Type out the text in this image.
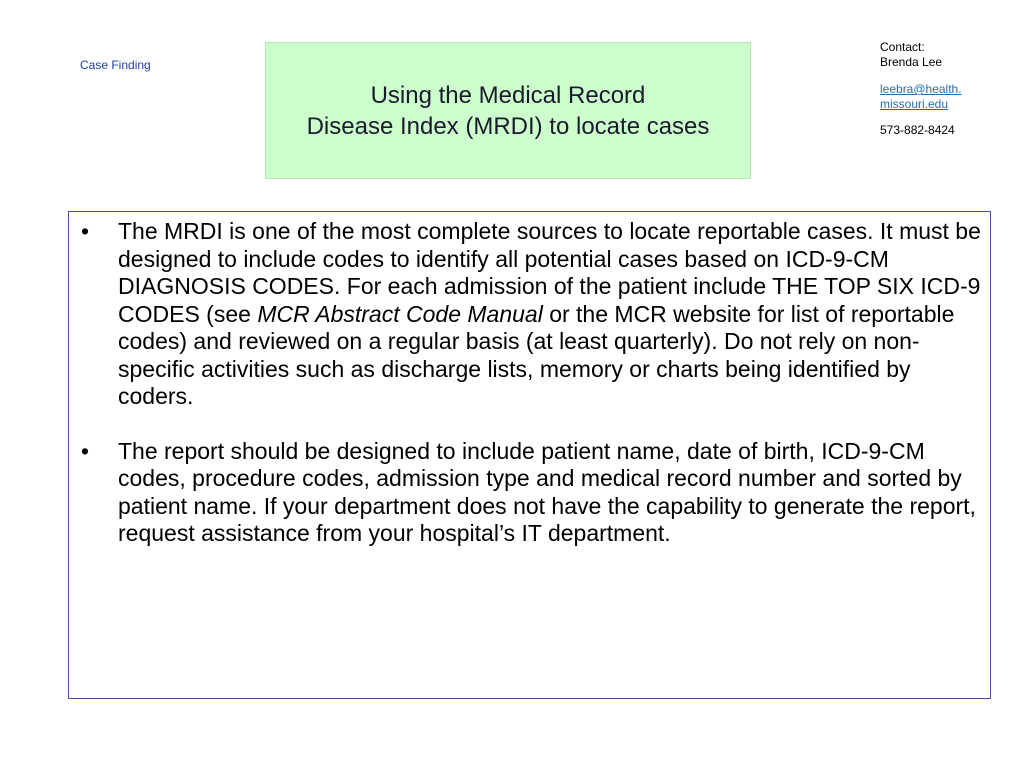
Case Finding
Using the Medical Record
Disease Index (MRDI) to locate cases
Contact:
Brenda Lee
leebra@health.
missouri.edu
573-882-8424
• The MRDI is one of the most complete sources to locate reportable cases. It must be designed to include codes to identify all potential cases based on ICD-9-CM DIAGNOSIS CODES. For each admission of the patient include THE TOP SIX ICD-9 CODES (see MCR Abstract Code Manual or the MCR website for list of reportable codes) and reviewed on a regular basis (at least quarterly). Do not rely on non-specific activities such as discharge lists, memory or charts being identified by coders.
• The report should be designed to include patient name, date of birth, ICD-9-CM codes, procedure codes, admission type and medical record number and sorted by patient name. If your department does not have the capability to generate the report, request assistance from your hospital’s IT department.
